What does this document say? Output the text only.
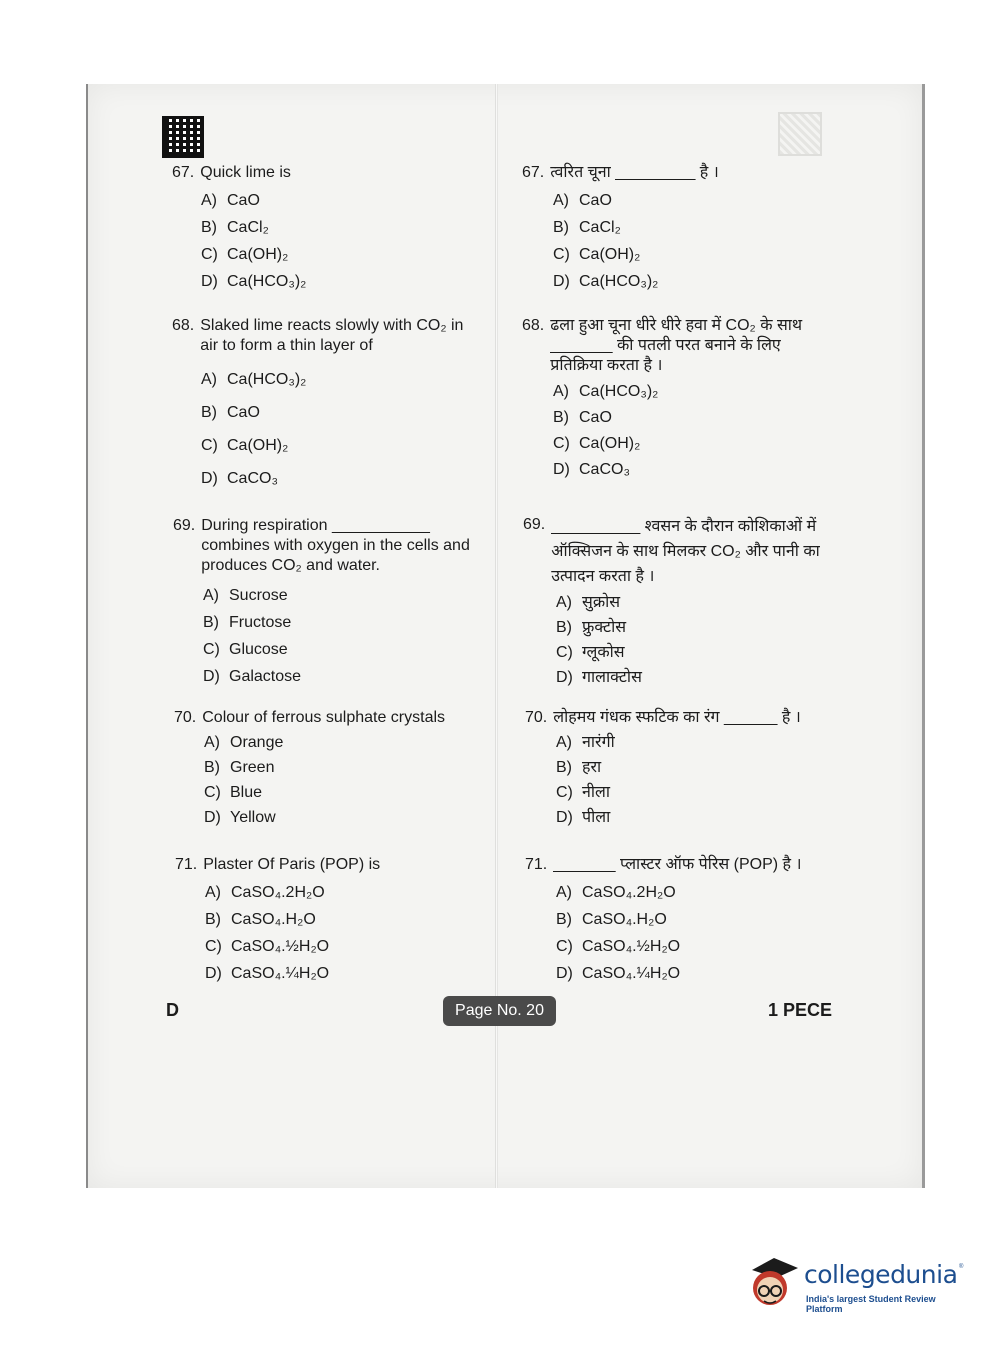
67. Quick lime is
A) CaO
B) CaCl₂
C) Ca(OH)₂
D) Ca(HCO₃)₂
68. Slaked lime reacts slowly with CO₂ in
air to form a thin layer of
A) Ca(HCO₃)₂
B) CaO
C) Ca(OH)₂
D) CaCO₃
69. During respiration ___________
combines with oxygen in the cells and
produces CO₂ and water.
A) Sucrose
B) Fructose
C) Glucose
D) Galactose
70. Colour of ferrous sulphate crystals
A) Orange
B) Green
C) Blue
D) Yellow
71. Plaster Of Paris (POP) is
A) CaSO₄.2H₂O
B) CaSO₄.H₂O
C) CaSO₄.½H₂O
D) CaSO₄.¼H₂O
67. त्वरित चूना _________ है ।
A) CaO
B) CaCl₂
C) Ca(OH)₂
D) Ca(HCO₃)₂
68. ढला हुआ चूना धीरे धीरे हवा में CO₂ के साथ
_______ की पतली परत बनाने के लिए
प्रतिक्रिया करता है ।
A) Ca(HCO₃)₂
B) CaO
C) Ca(OH)₂
D) CaCO₃
69. __________ श्वसन के दौरान कोशिकाओं में
ऑक्सिजन के साथ मिलकर CO₂ और पानी का
उत्पादन करता है ।
A) सुक्रोस
B) फ्रुक्टोस
C) ग्लूकोस
D) गालाक्टोस
70. लोहमय गंधक स्फटिक का रंग ______ है ।
A) नारंगी
B) हरा
C) नीला
D) पीला
71. _______ प्लास्टर ऑफ पेरिस (POP) है ।
A) CaSO₄.2H₂O
B) CaSO₄.H₂O
C) CaSO₄.½H₂O
D) CaSO₄.¼H₂O
D	Page No. 20	1 PECE
collegedunia ®
India's largest Student Review Platform
